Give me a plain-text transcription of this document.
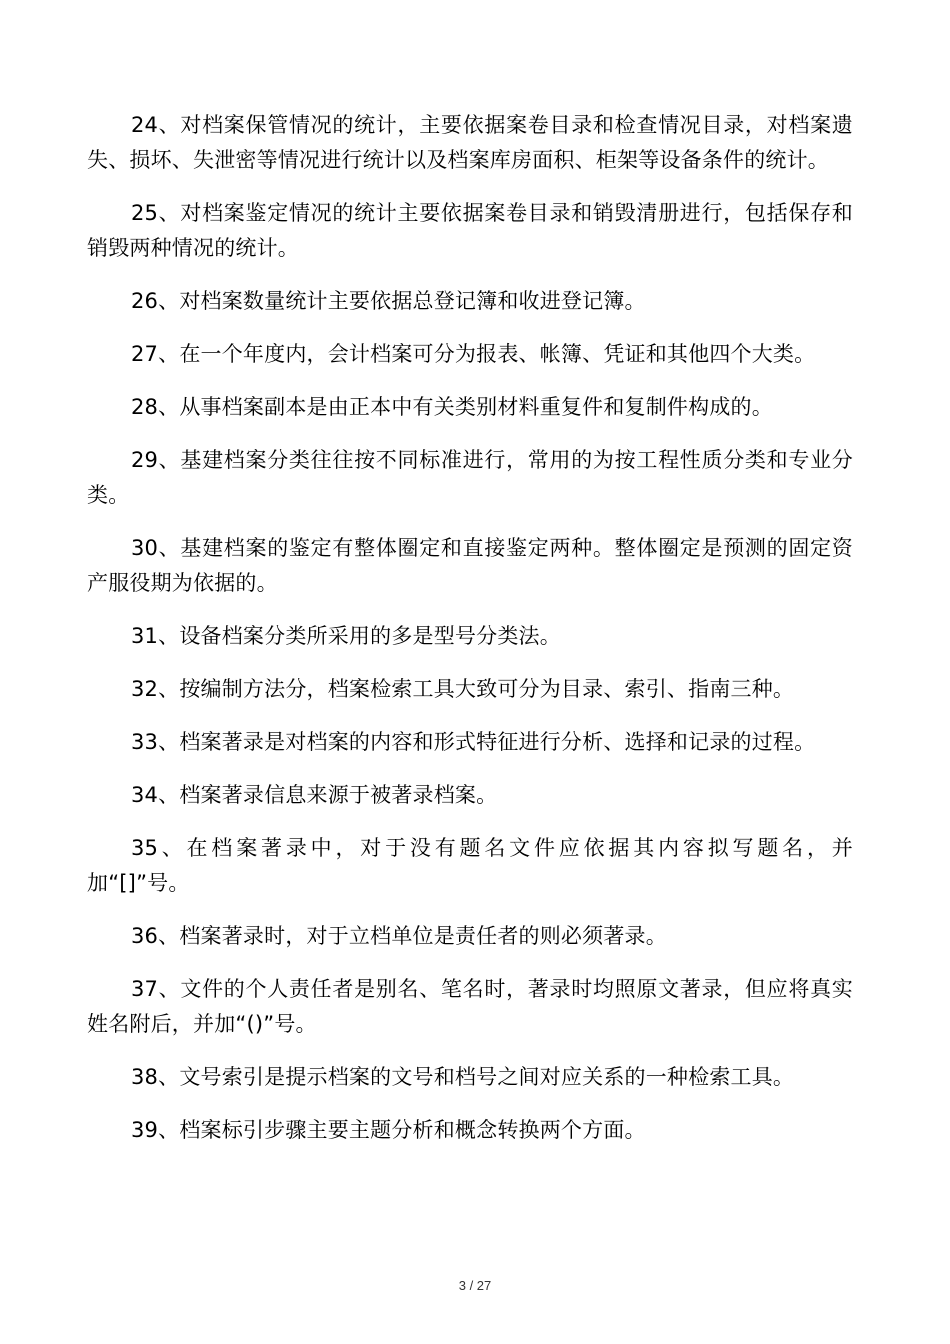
24、对档案保管情况的统计，主要依据案卷目录和检查情况目录，对档案遗失、损坏、失泄密等情况进行统计以及档案库房面积、柜架等设备条件的统计。

25、对档案鉴定情况的统计主要依据案卷目录和销毁清册进行，包括保存和销毁两种情况的统计。

26、对档案数量统计主要依据总登记簿和收进登记簿。

27、在一个年度内，会计档案可分为报表、帐簿、凭证和其他四个大类。

28、从事档案副本是由正本中有关类别材料重复件和复制件构成的。

29、基建档案分类往往按不同标准进行，常用的为按工程性质分类和专业分类。

30、基建档案的鉴定有整体圈定和直接鉴定两种。整体圈定是预测的固定资产服役期为依据的。

31、设备档案分类所采用的多是型号分类法。

32、按编制方法分，档案检索工具大致可分为目录、索引、指南三种。

33、档案著录是对档案的内容和形式特征进行分析、选择和记录的过程。

34、档案著录信息来源于被著录档案。

35、在档案著录中，对于没有题名文件应依据其内容拟写题名，并加“[]”号。

36、档案著录时，对于立档单位是责任者的则必须著录。

37、文件的个人责任者是别名、笔名时，著录时均照原文著录，但应将真实姓名附后，并加“()”号。

38、文号索引是提示档案的文号和档号之间对应关系的一种检索工具。

39、档案标引步骤主要主题分析和概念转换两个方面。

3 / 27
